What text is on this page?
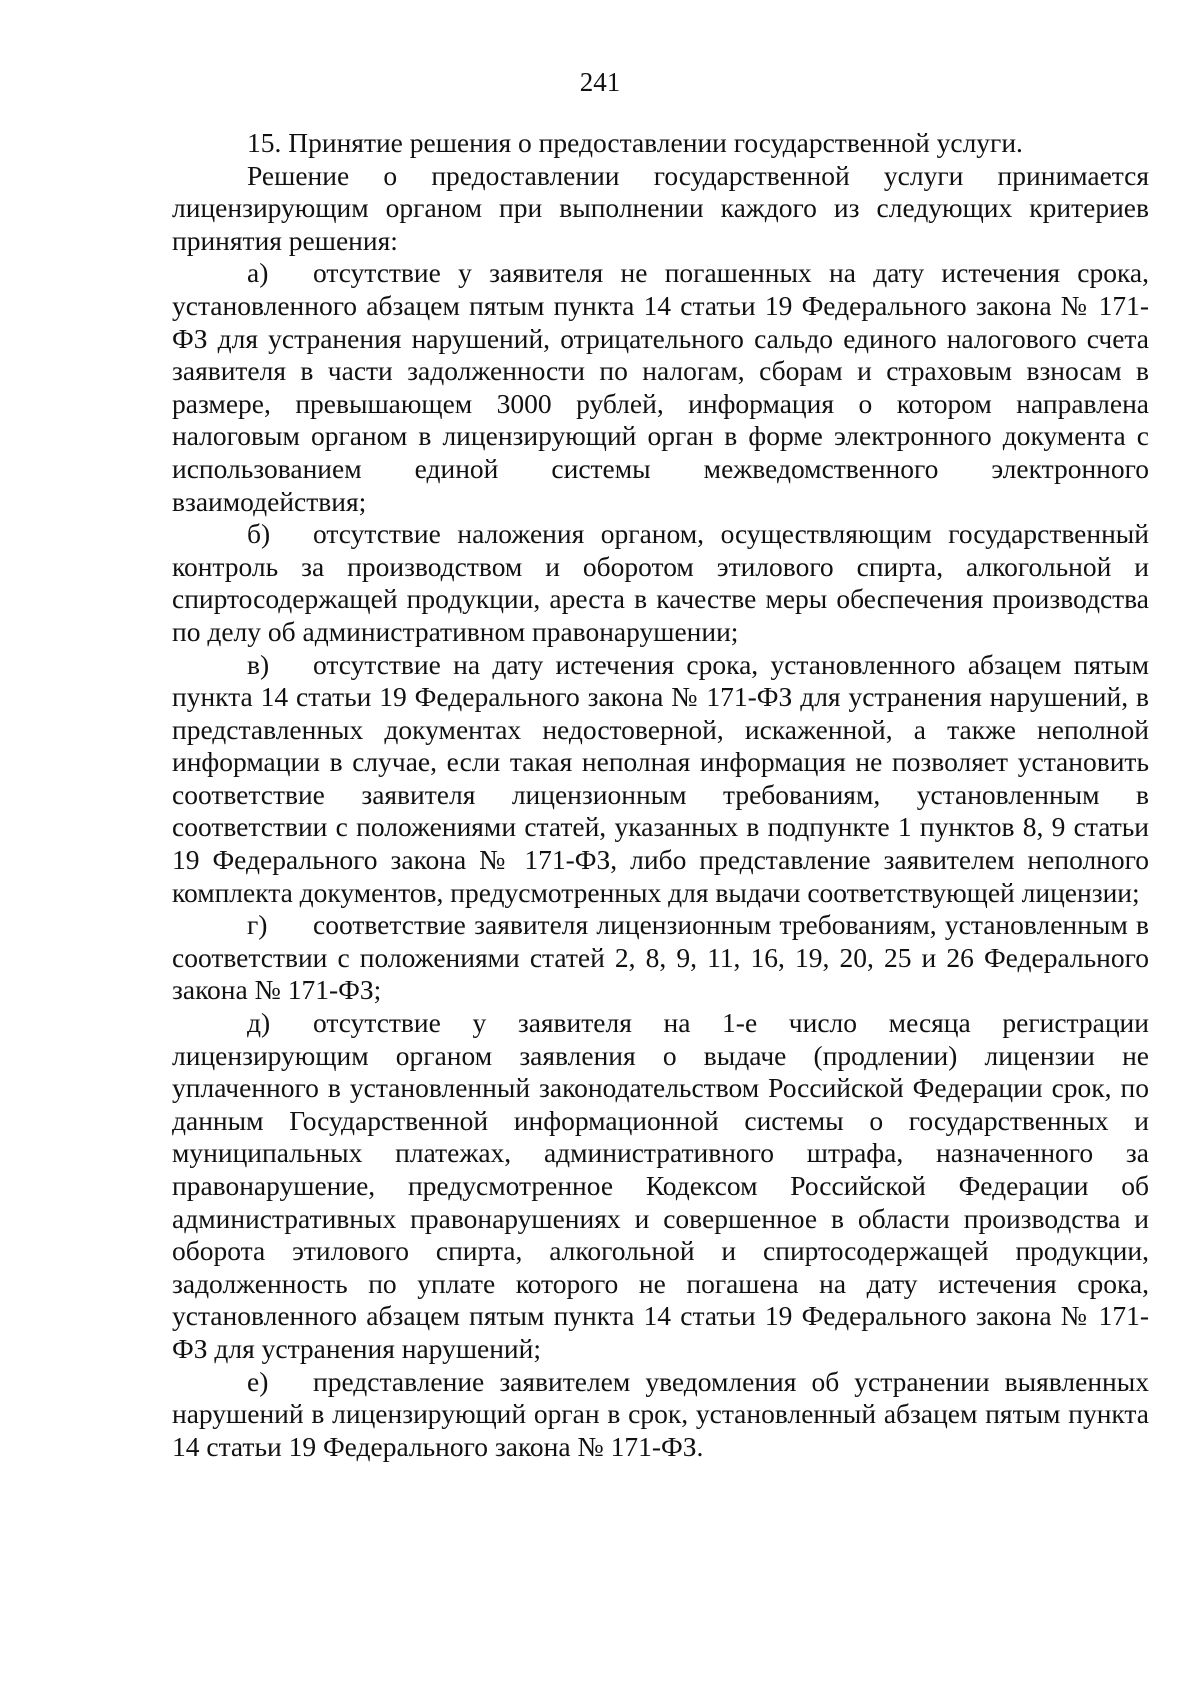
241

15. Принятие решения о предоставлении государственной услуги.

Решение о предоставлении государственной услуги принимается лицензирующим органом при выполнении каждого из следующих критериев принятия решения:

а) отсутствие у заявителя не погашенных на дату истечения срока, установленного абзацем пятым пункта 14 статьи 19 Федерального закона № 171-ФЗ для устранения нарушений, отрицательного сальдо единого налогового счета заявителя в части задолженности по налогам, сборам и страховым взносам в размере, превышающем 3000 рублей, информация о котором направлена налоговым органом в лицензирующий орган в форме электронного документа с использованием единой системы межведомственного электронного взаимодействия;

б) отсутствие наложения органом, осуществляющим государственный контроль за производством и оборотом этилового спирта, алкогольной и спиртосодержащей продукции, ареста в качестве меры обеспечения производства по делу об административном правонарушении;

в) отсутствие на дату истечения срока, установленного абзацем пятым пункта 14 статьи 19 Федерального закона № 171-ФЗ для устранения нарушений, в представленных документах недостоверной, искаженной, а также неполной информации в случае, если такая неполная информация не позволяет установить соответствие заявителя лицензионным требованиям, установленным в соответствии с положениями статей, указанных в подпункте 1 пунктов 8, 9 статьи 19 Федерального закона № 171-ФЗ, либо представление заявителем неполного комплекта документов, предусмотренных для выдачи соответствующей лицензии;

г) соответствие заявителя лицензионным требованиям, установленным в соответствии с положениями статей 2, 8, 9, 11, 16, 19, 20, 25 и 26 Федерального закона № 171-ФЗ;

д) отсутствие у заявителя на 1-е число месяца регистрации лицензирующим органом заявления о выдаче (продлении) лицензии не уплаченного в установленный законодательством Российской Федерации срок, по данным Государственной информационной системы о государственных и муниципальных платежах, административного штрафа, назначенного за правонарушение, предусмотренное Кодексом Российской Федерации об административных правонарушениях и совершенное в области производства и оборота этилового спирта, алкогольной и спиртосодержащей продукции, задолженность по уплате которого не погашена на дату истечения срока, установленного абзацем пятым пункта 14 статьи 19 Федерального закона № 171-ФЗ для устранения нарушений;

е) представление заявителем уведомления об устранении выявленных нарушений в лицензирующий орган в срок, установленный абзацем пятым пункта 14 статьи 19 Федерального закона № 171-ФЗ.
